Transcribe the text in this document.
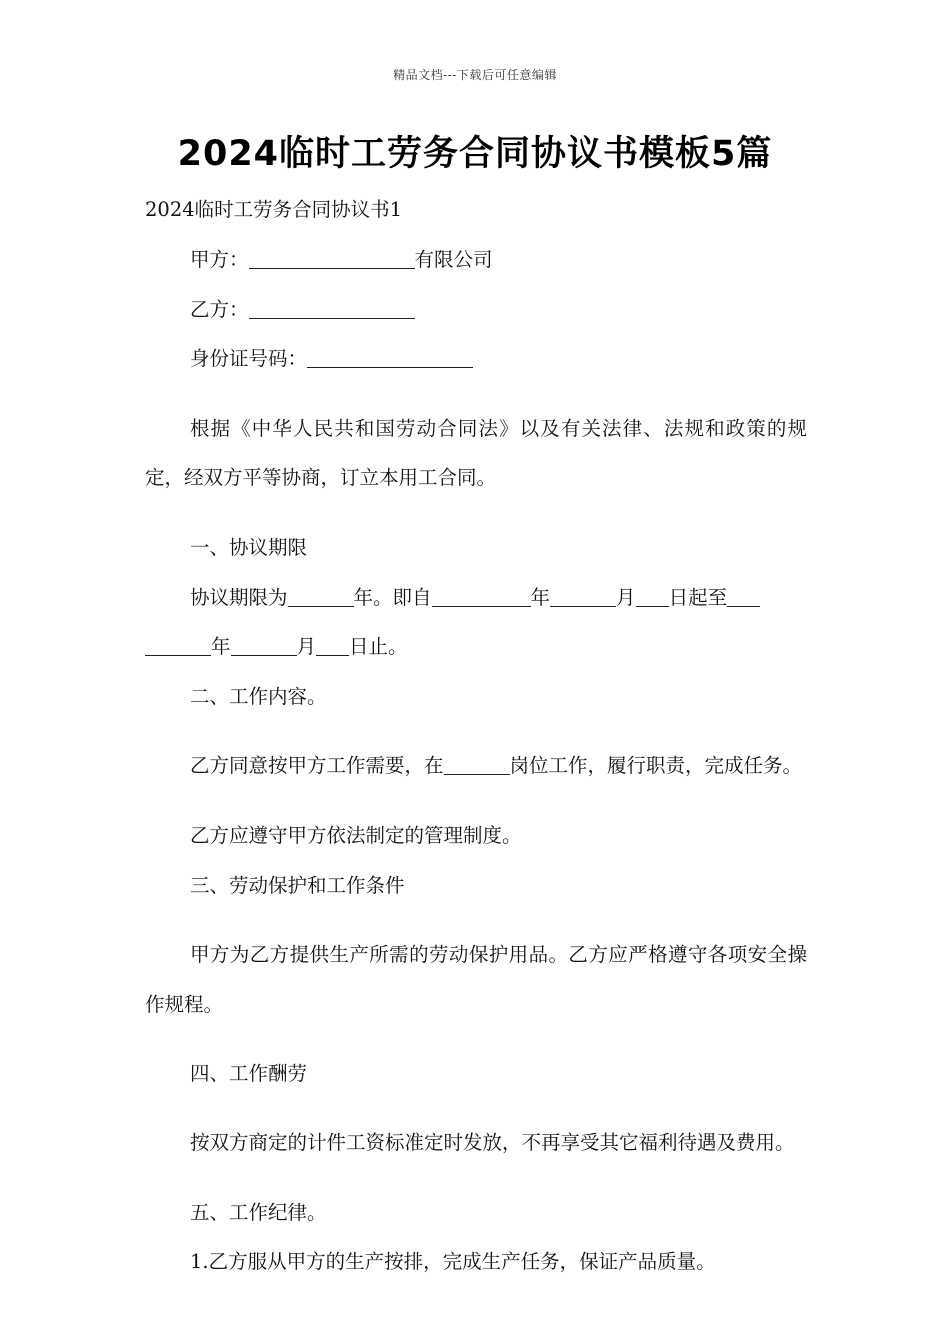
精品文档---下载后可任意编辑
2024临时工劳务合同协议书模板5篇

2024临时工劳务合同协议书1

甲方：	有限公司

乙方：

身份证号码：

根据《中华人民共和国劳动合同法》以及有关法律、法规和政策的规定，经双方平等协商，订立本用工合同。

一、协议期限

协议期限为	年。即自	年	月 日起至

年	月 日止。

二、工作内容。

乙方同意按甲方工作需要，在	岗位工作，履行职责，完成任务。

乙方应遵守甲方依法制定的管理制度。

三、劳动保护和工作条件

甲方为乙方提供生产所需的劳动保护用品。乙方应严格遵守各项安全操作规程。

四、工作酬劳

按双方商定的计件工资标准定时发放，不再享受其它福利待遇及费用。

五、工作纪律。

1.乙方服从甲方的生产按排，完成生产任务，保证产品质量。
